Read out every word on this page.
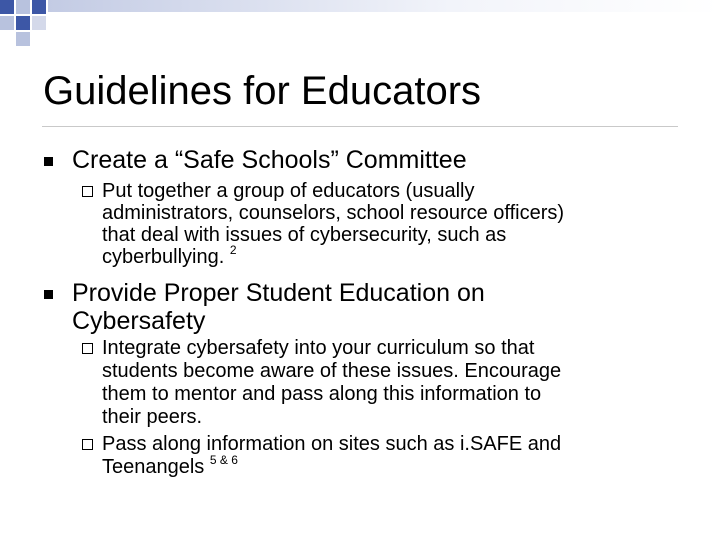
Guidelines for Educators
Create a “Safe Schools” Committee
Put together a group of educators (usually
administrators, counselors, school resource officers)
that deal with issues of cybersecurity, such as
cyberbullying. $^2$
Provide Proper Student Education on
Cybersafety
Integrate cybersafety into your curriculum so that
students become aware of these issues. Encourage
them to mentor and pass along this information to
their peers.
Pass along information on sites such as i.SAFE and
Teenangels $^{5 \& 6}$
